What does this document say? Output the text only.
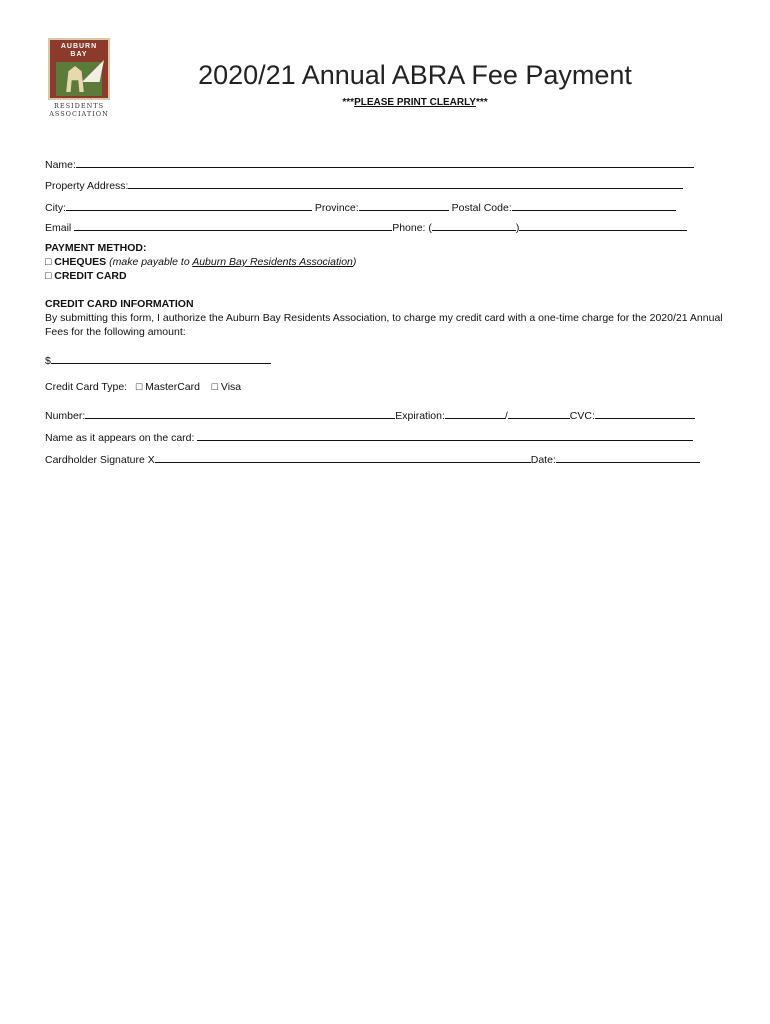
AUBURN
BAY
RESIDENTS
ASSOCIATION
2020/21 Annual ABRA Fee Payment
***PLEASE PRINT CLEARLY***
Name:
Property Address:
City:	Province:	Postal Code:
Email	Phone: (	)
PAYMENT METHOD:
□ CHEQUES (make payable to Auburn Bay Residents Association)
□ CREDIT CARD
CREDIT CARD INFORMATION
By submitting this form, I authorize the Auburn Bay Residents Association, to charge my credit card with a one-time charge for the 2020/21 Annual Fees for the following amount:
$
Credit Card Type: □ MasterCard □ Visa
Number:	Expiration:	/	CVC:
Name as it appears on the card:
Cardholder Signature X	Date:
